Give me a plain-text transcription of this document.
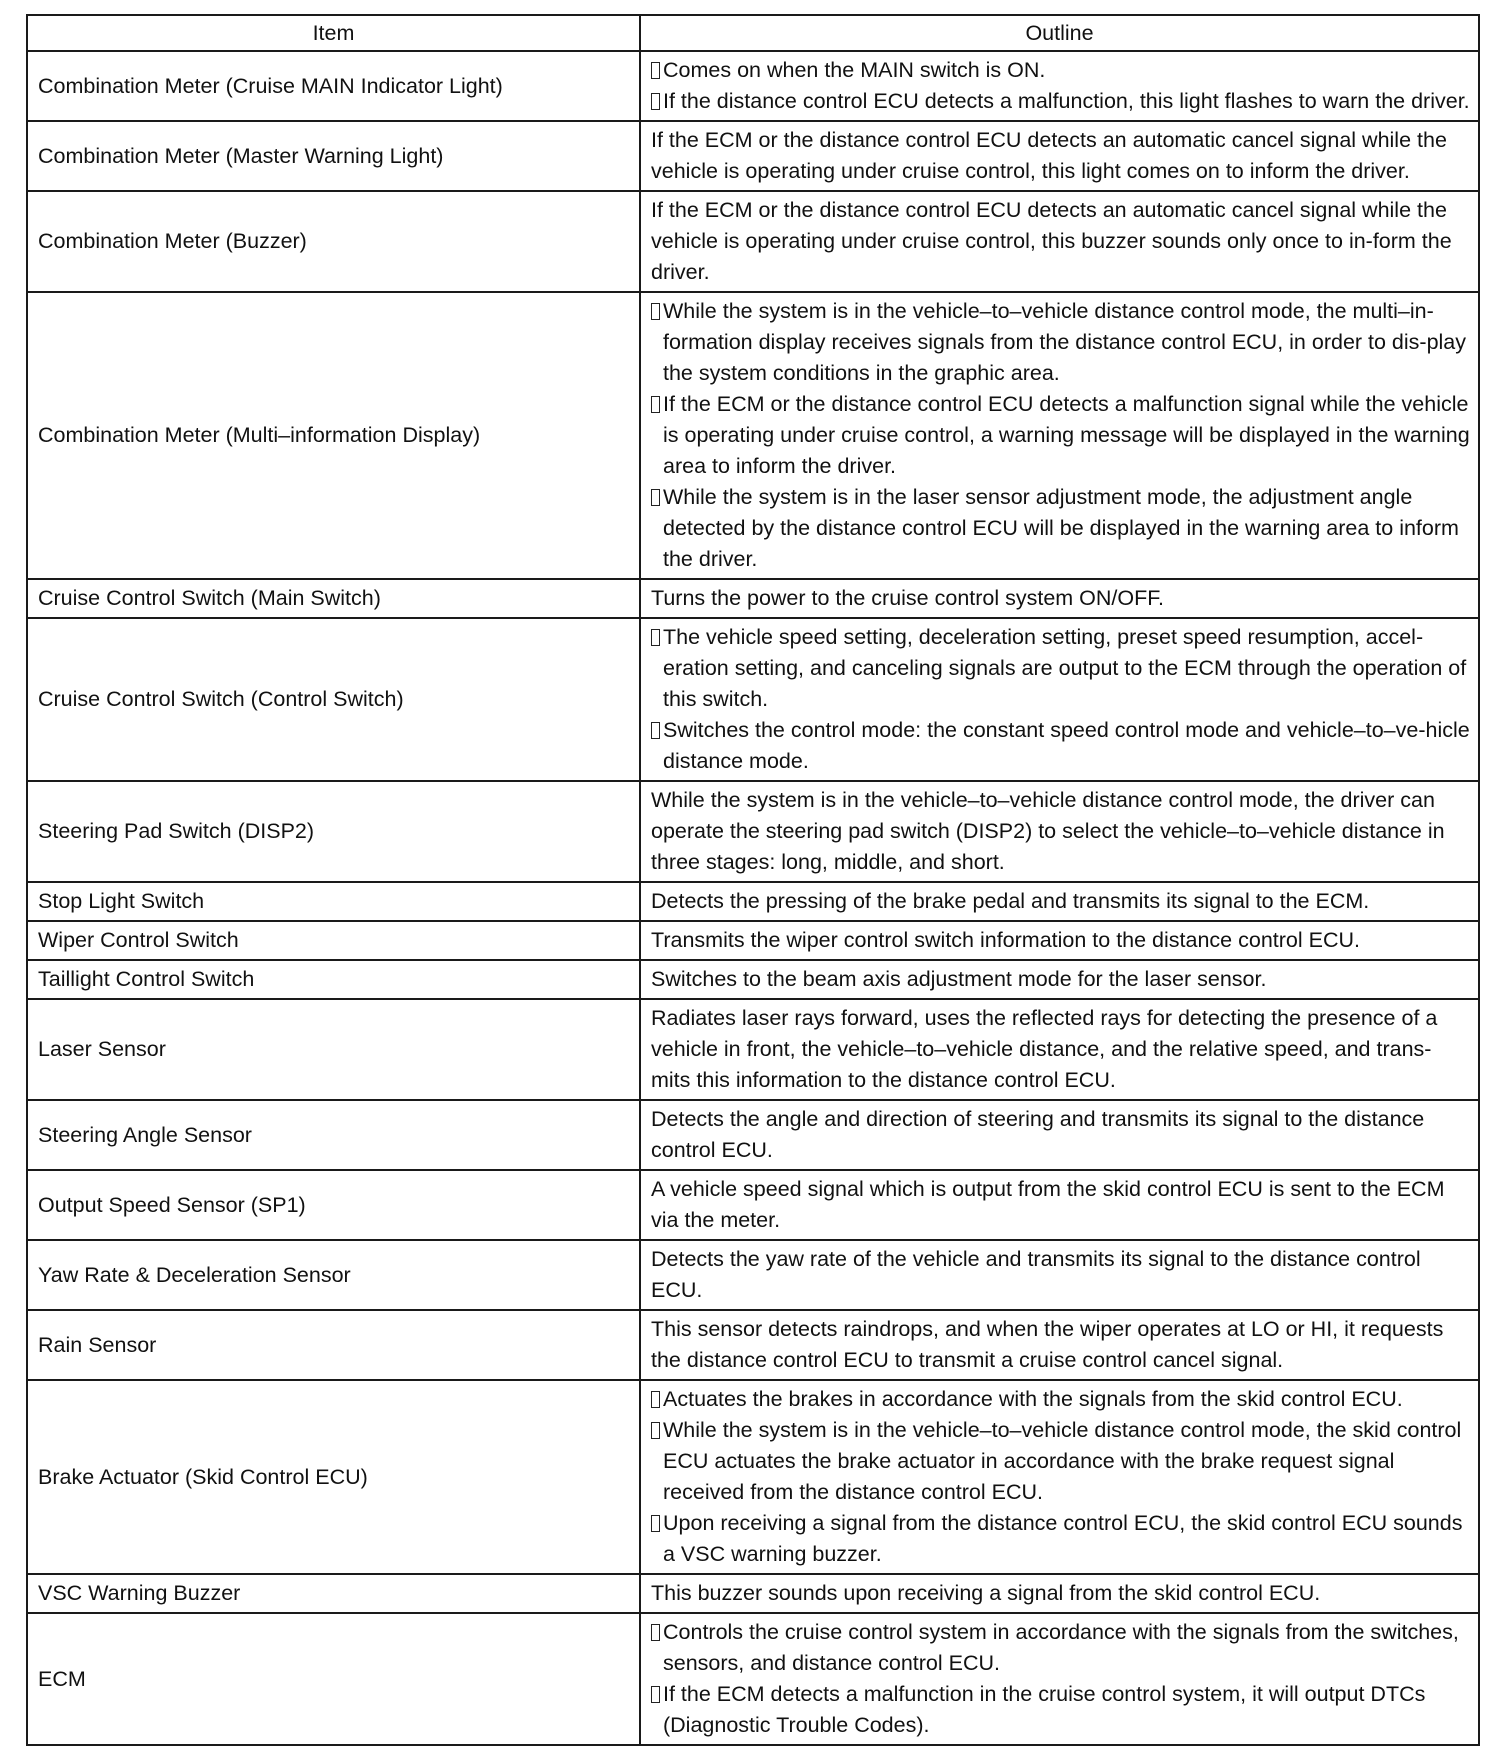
Item	Outline
Combination Meter (Cruise MAIN Indicator Light)	Comes on when the MAIN switch is ON.
If the distance control ECU detects a malfunction, this light flashes to warn the driver.

Combination Meter (Master Warning Light)	If the ECM or the distance control ECU detects an automatic cancel signal while the vehicle is operating under cruise control, this light comes on to inform the driver.

Combination Meter (Buzzer)	If the ECM or the distance control ECU detects an automatic cancel signal while the vehicle is operating under cruise control, this buzzer sounds only once to in-form the driver.

Combination Meter (Multi–information Display)	While the system is in the vehicle–to–vehicle distance control mode, the multi–in-formation display receives signals from the distance control ECU, in order to dis-play the system conditions in the graphic area.
If the ECM or the distance control ECU detects a malfunction signal while the vehicle is operating under cruise control, a warning message will be displayed in the warning area to inform the driver.
While the system is in the laser sensor adjustment mode, the adjustment angle detected by the distance control ECU will be displayed in the warning area to inform the driver.

Cruise Control Switch (Main Switch)	Turns the power to the cruise control system ON/OFF.

Cruise Control Switch (Control Switch)	The vehicle speed setting, deceleration setting, preset speed resumption, accel-eration setting, and canceling signals are output to the ECM through the operation of this switch.
Switches the control mode: the constant speed control mode and vehicle–to–ve-hicle distance mode.

Steering Pad Switch (DISP2)	While the system is in the vehicle–to–vehicle distance control mode, the driver can operate the steering pad switch (DISP2) to select the vehicle–to–vehicle distance in three stages: long, middle, and short.

Stop Light Switch	Detects the pressing of the brake pedal and transmits its signal to the ECM.

Wiper Control Switch	Transmits the wiper control switch information to the distance control ECU.

Taillight Control Switch	Switches to the beam axis adjustment mode for the laser sensor.

Laser Sensor	Radiates laser rays forward, uses the reflected rays for detecting the presence of a vehicle in front, the vehicle–to–vehicle distance, and the relative speed, and trans-mits this information to the distance control ECU.

Steering Angle Sensor	Detects the angle and direction of steering and transmits its signal to the distance control ECU.

Output Speed Sensor (SP1)	A vehicle speed signal which is output from the skid control ECU is sent to the ECM via the meter.

Yaw Rate & Deceleration Sensor	Detects the yaw rate of the vehicle and transmits its signal to the distance control ECU.

Rain Sensor	This sensor detects raindrops, and when the wiper operates at LO or HI, it requests the distance control ECU to transmit a cruise control cancel signal.

Brake Actuator (Skid Control ECU)	Actuates the brakes in accordance with the signals from the skid control ECU.
While the system is in the vehicle–to–vehicle distance control mode, the skid control ECU actuates the brake actuator in accordance with the brake request signal received from the distance control ECU.
Upon receiving a signal from the distance control ECU, the skid control ECU sounds a VSC warning buzzer.

VSC Warning Buzzer	This buzzer sounds upon receiving a signal from the skid control ECU.

ECM	Controls the cruise control system in accordance with the signals from the switches, sensors, and distance control ECU.
If the ECM detects a malfunction in the cruise control system, it will output DTCs (Diagnostic Trouble Codes).
